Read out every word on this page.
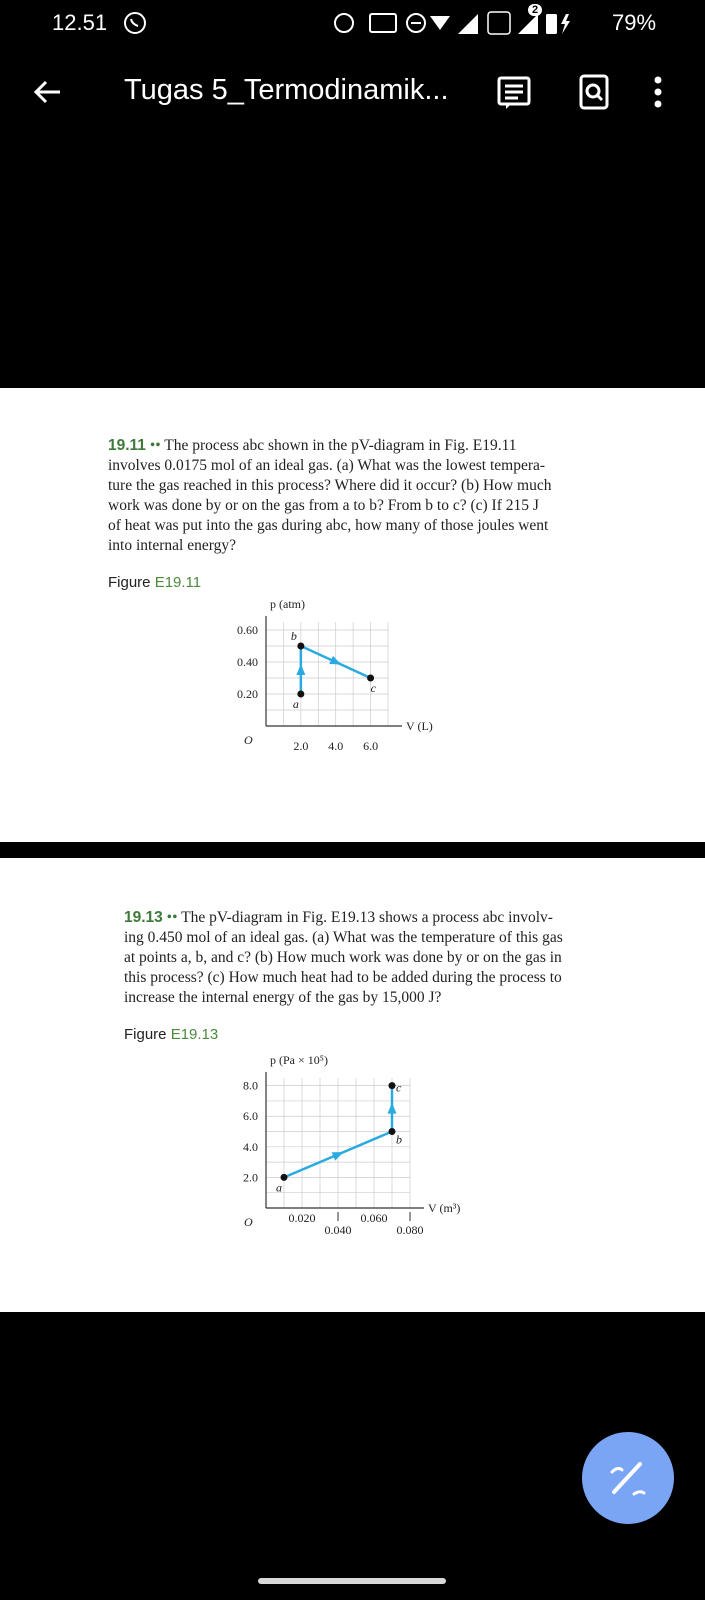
12.51	2	79%
Tugas 5_Termodinamik...
19.11 •• The process abc shown in the pV-diagram in Fig. E19.11
involves 0.0175 mol of an ideal gas. (a) What was the lowest tempera-
ture the gas reached in this process? Where did it occur? (b) How much
work was done by or on the gas from a to b? From b to c? (c) If 215 J
of heat was put into the gas during abc, how many of those joules went
into internal energy?
Figure E19.11
p (atm)
V (L)
O
0.60
0.40
0.20
2.0 4.0 6.0
a
b
c
19.13 •• The pV-diagram in Fig. E19.13 shows a process abc involv-
ing 0.450 mol of an ideal gas. (a) What was the temperature of this gas
at points a, b, and c? (b) How much work was done by or on the gas in
this process? (c) How much heat had to be added during the process to
increase the internal energy of the gas by 15,000 J?
Figure E19.13
p (Pa × 10⁵)
V (m³)
O
8.0
6.0
4.0
2.0
0.020	0.060
0.040	0.080
a
b
c
